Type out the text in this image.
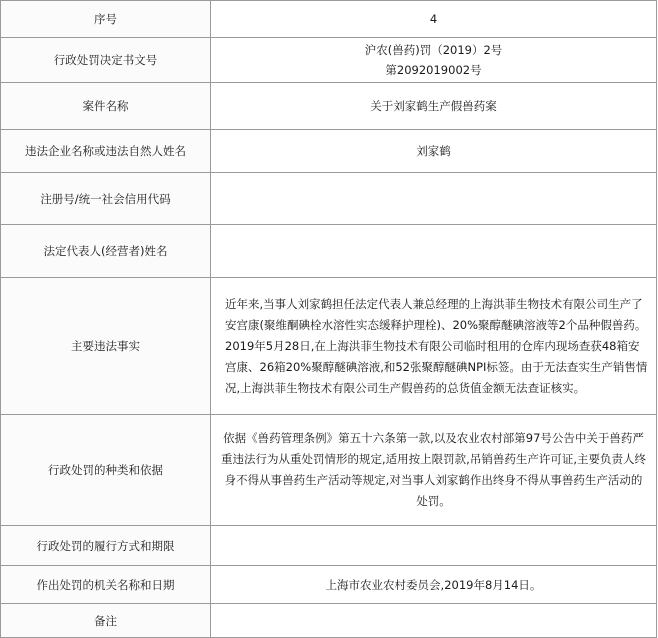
序号	4
行政处罚决定书文号	沪农(兽药)罚（2019）2号
第2092019002号

案件名称	关于刘家鹤生产假兽药案
违法企业名称或违法自然人姓名	刘家鹤
注册号/统一社会信用代码	
法定代表人(经营者)姓名	
主要违法事实	近年来,当事人刘家鹤担任法定代表人兼总经理的上海洪菲生物技术有限公司生产了安宫康(聚维酮碘栓水溶性实态缓释护理栓)、20%聚醇醚碘溶液等2个品种假兽药。2019年5月28日,在上海洪菲生物技术有限公司临时租用的仓库内现场查获48箱安宫康、26箱20%聚醇醚碘溶液,和52张聚醇醚碘NPI标签。由于无法查实生产销售情况,上海洪菲生物技术有限公司生产假兽药的总货值金额无法查证核实。

行政处罚的种类和依据	依据《兽药管理条例》第五十六条第一款,以及农业农村部第97号公告中关于兽药严重违法行为从重处罚情形的规定,适用按上限罚款,吊销兽药生产许可证,主要负责人终身不得从事兽药生产活动等规定,对当事人刘家鹤作出终身不得从事兽药生产活动的处罚。
行政处罚的履行方式和期限	
作出处罚的机关名称和日期	上海市农业农村委员会,2019年8月14日。
备注	
